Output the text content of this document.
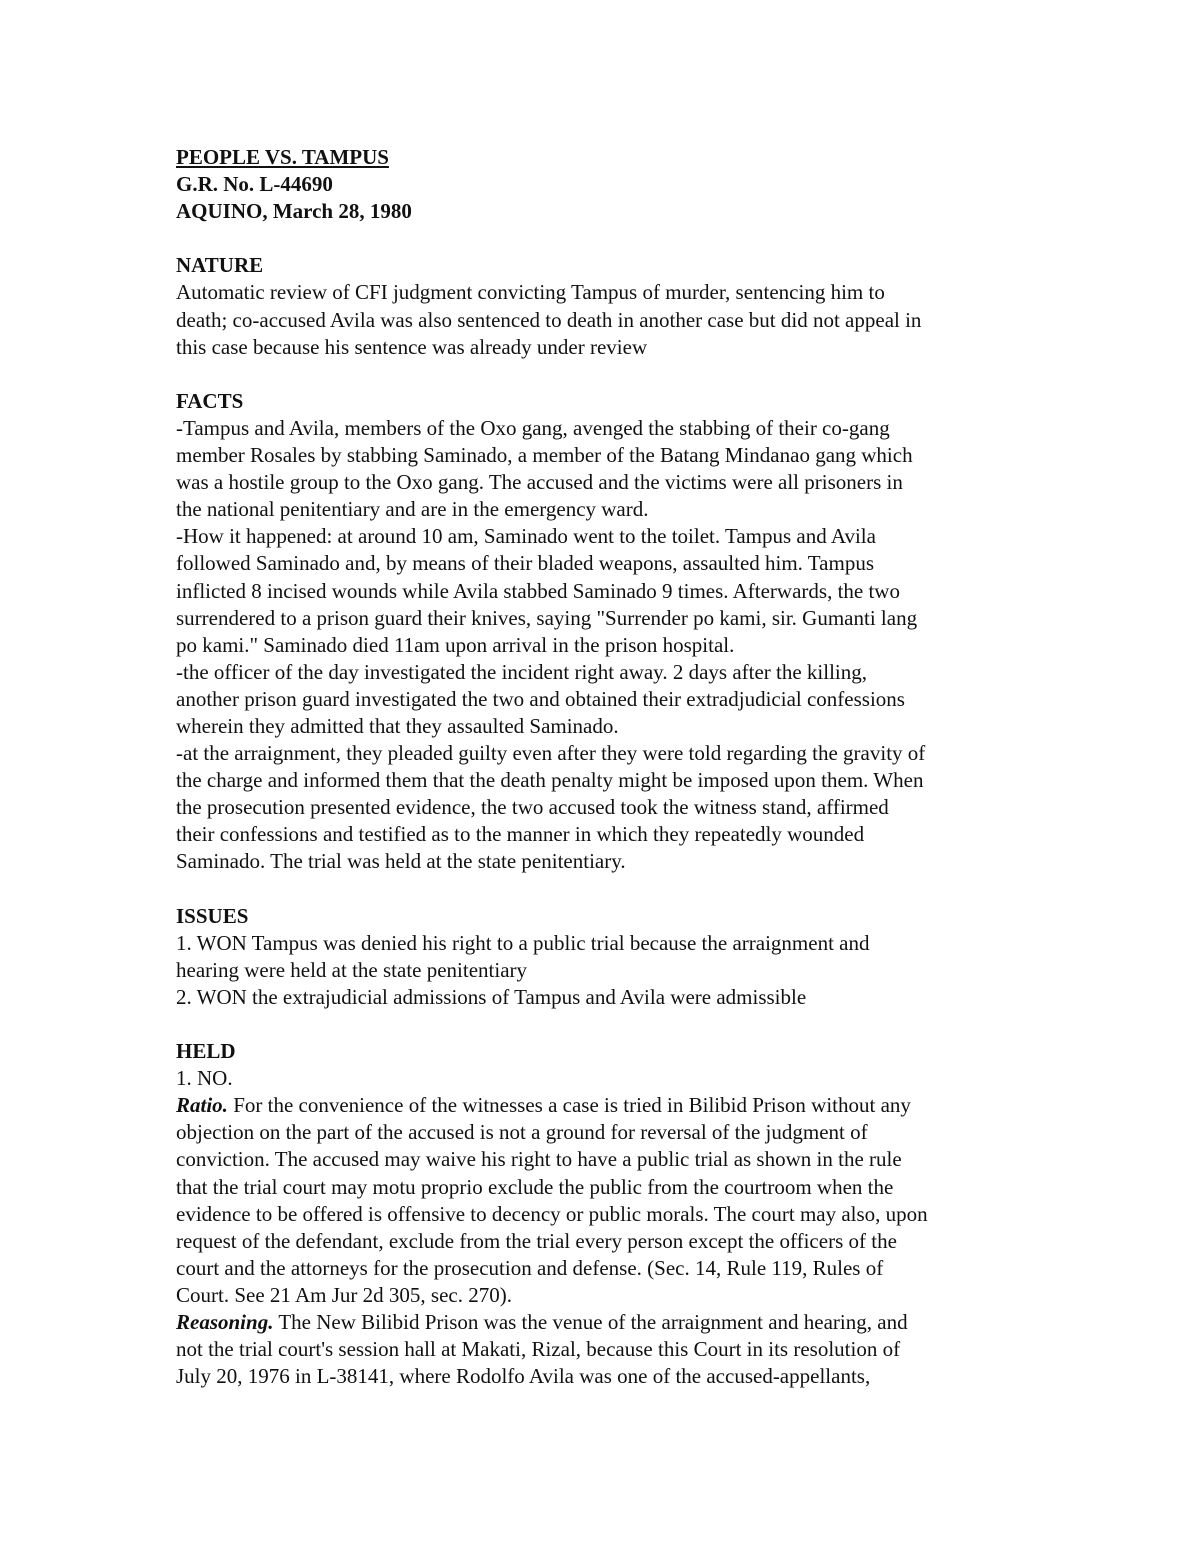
PEOPLE VS. TAMPUS
G.R. No. L-44690
AQUINO, March 28, 1980
NATURE
Automatic review of CFI judgment convicting Tampus of murder, sentencing him to
death; co-accused Avila was also sentenced to death in another case but did not appeal in
this case because his sentence was already under review
FACTS
-Tampus and Avila, members of the Oxo gang, avenged the stabbing of their co-gang
member Rosales by stabbing Saminado, a member of the Batang Mindanao gang which
was a hostile group to the Oxo gang. The accused and the victims were all prisoners in
the national penitentiary and are in the emergency ward.
-How it happened: at around 10 am, Saminado went to the toilet. Tampus and Avila
followed Saminado and, by means of their bladed weapons, assaulted him. Tampus
inflicted 8 incised wounds while Avila stabbed Saminado 9 times. Afterwards, the two
surrendered to a prison guard their knives, saying "Surrender po kami, sir. Gumanti lang
po kami." Saminado died 11am upon arrival in the prison hospital.
-the officer of the day investigated the incident right away. 2 days after the killing,
another prison guard investigated the two and obtained their extradjudicial confessions
wherein they admitted that they assaulted Saminado.
-at the arraignment, they pleaded guilty even after they were told regarding the gravity of
the charge and informed them that the death penalty might be imposed upon them. When
the prosecution presented evidence, the two accused took the witness stand, affirmed
their confessions and testified as to the manner in which they repeatedly wounded
Saminado. The trial was held at the state penitentiary.
ISSUES
1. WON Tampus was denied his right to a public trial because the arraignment and
hearing were held at the state penitentiary
2. WON the extrajudicial admissions of Tampus and Avila were admissible
HELD
1. NO.
Ratio. For the convenience of the witnesses a case is tried in Bilibid Prison without any
objection on the part of the accused is not a ground for reversal of the judgment of
conviction. The accused may waive his right to have a public trial as shown in the rule
that the trial court may motu proprio exclude the public from the courtroom when the
evidence to be offered is offensive to decency or public morals. The court may also, upon
request of the defendant, exclude from the trial every person except the officers of the
court and the attorneys for the prosecution and defense. (Sec. 14, Rule 119, Rules of
Court. See 21 Am Jur 2d 305, sec. 270).
Reasoning. The New Bilibid Prison was the venue of the arraignment and hearing, and
not the trial court's session hall at Makati, Rizal, because this Court in its resolution of
July 20, 1976 in L-38141, where Rodolfo Avila was one of the accused-appellants,
